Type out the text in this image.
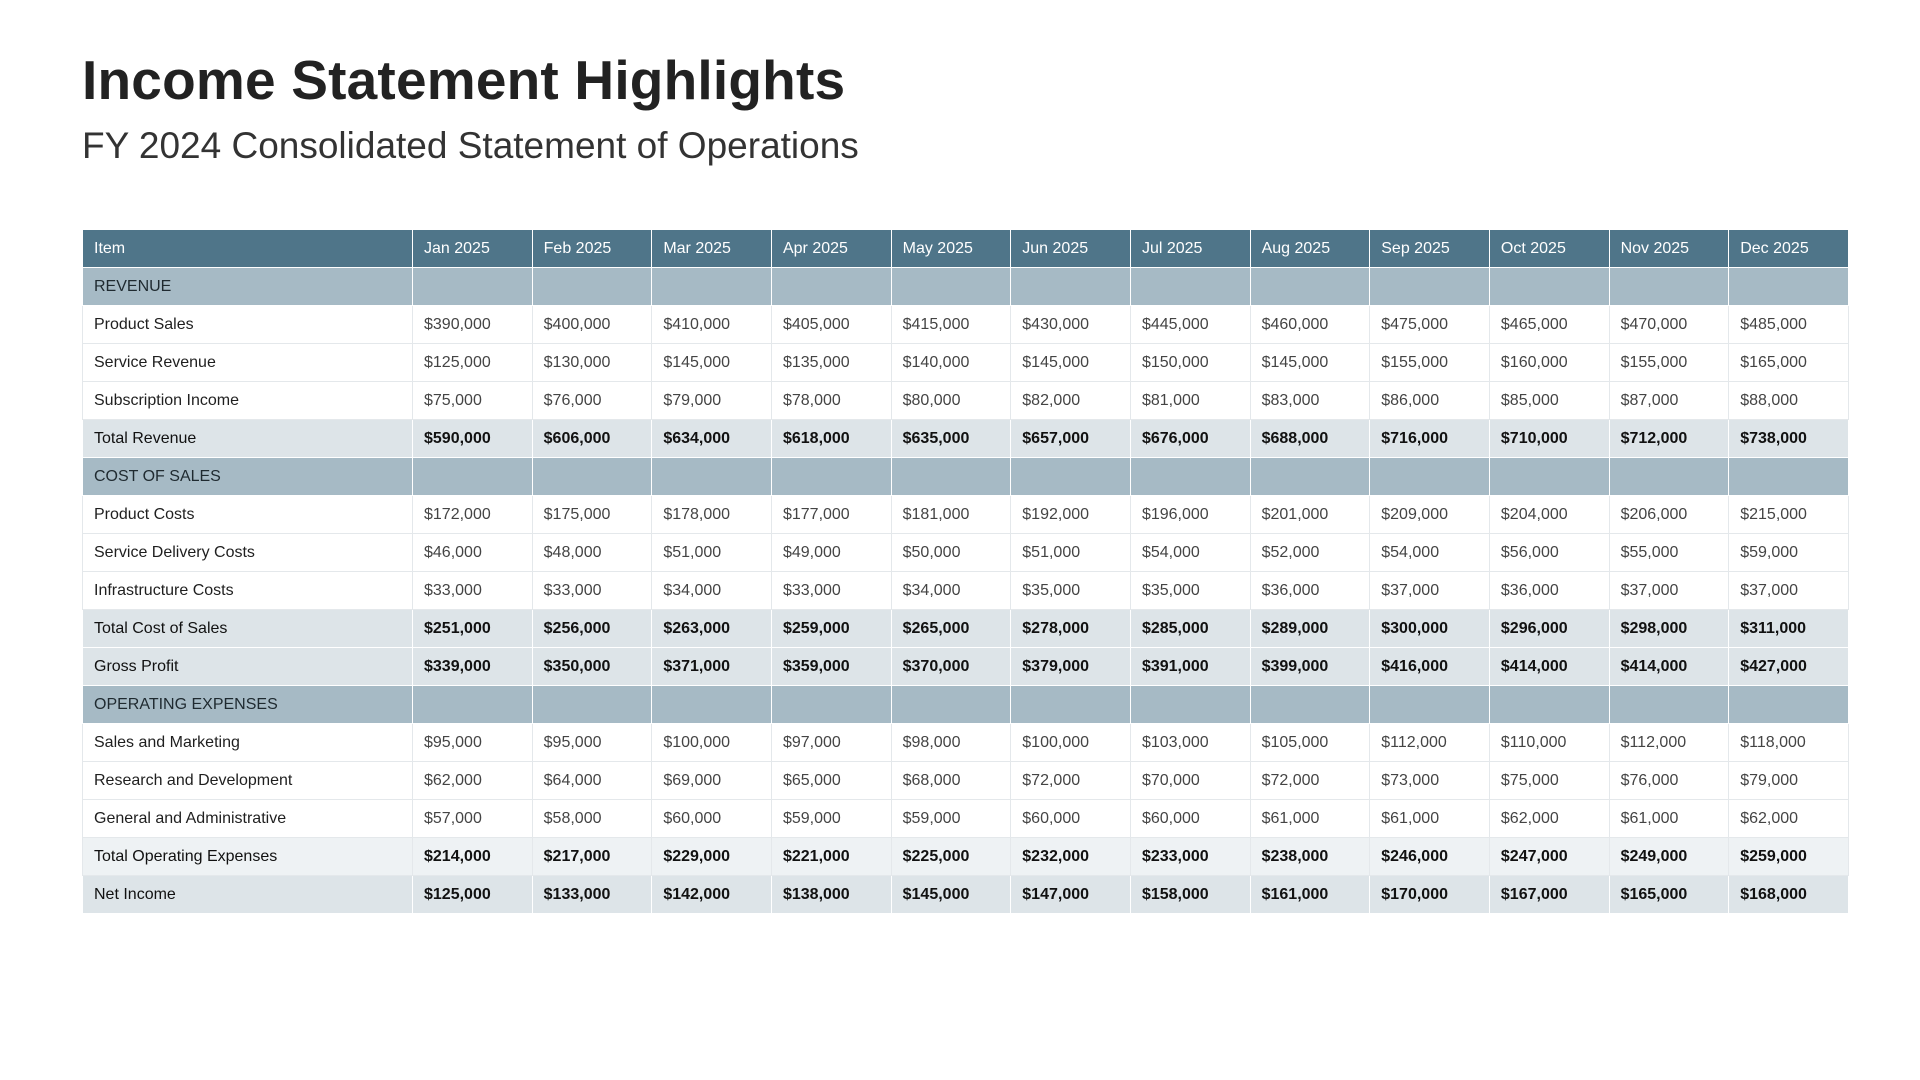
Income Statement Highlights
FY 2024 Consolidated Statement of Operations
Item	Jan 2025	Feb 2025	Mar 2025	Apr 2025	May 2025	Jun 2025	Jul 2025	Aug 2025	Sep 2025	Oct 2025	Nov 2025	Dec 2025
REVENUE												
Product Sales	$390,000	$400,000	$410,000	$405,000	$415,000	$430,000	$445,000	$460,000	$475,000	$465,000	$470,000	$485,000
Service Revenue	$125,000	$130,000	$145,000	$135,000	$140,000	$145,000	$150,000	$145,000	$155,000	$160,000	$155,000	$165,000
Subscription Income	$75,000	$76,000	$79,000	$78,000	$80,000	$82,000	$81,000	$83,000	$86,000	$85,000	$87,000	$88,000
Total Revenue	$590,000	$606,000	$634,000	$618,000	$635,000	$657,000	$676,000	$688,000	$716,000	$710,000	$712,000	$738,000
COST OF SALES												
Product Costs	$172,000	$175,000	$178,000	$177,000	$181,000	$192,000	$196,000	$201,000	$209,000	$204,000	$206,000	$215,000
Service Delivery Costs	$46,000	$48,000	$51,000	$49,000	$50,000	$51,000	$54,000	$52,000	$54,000	$56,000	$55,000	$59,000
Infrastructure Costs	$33,000	$33,000	$34,000	$33,000	$34,000	$35,000	$35,000	$36,000	$37,000	$36,000	$37,000	$37,000
Total Cost of Sales	$251,000	$256,000	$263,000	$259,000	$265,000	$278,000	$285,000	$289,000	$300,000	$296,000	$298,000	$311,000
Gross Profit	$339,000	$350,000	$371,000	$359,000	$370,000	$379,000	$391,000	$399,000	$416,000	$414,000	$414,000	$427,000
OPERATING EXPENSES												
Sales and Marketing	$95,000	$95,000	$100,000	$97,000	$98,000	$100,000	$103,000	$105,000	$112,000	$110,000	$112,000	$118,000
Research and Development	$62,000	$64,000	$69,000	$65,000	$68,000	$72,000	$70,000	$72,000	$73,000	$75,000	$76,000	$79,000
General and Administrative	$57,000	$58,000	$60,000	$59,000	$59,000	$60,000	$60,000	$61,000	$61,000	$62,000	$61,000	$62,000
Total Operating Expenses	$214,000	$217,000	$229,000	$221,000	$225,000	$232,000	$233,000	$238,000	$246,000	$247,000	$249,000	$259,000
Net Income	$125,000	$133,000	$142,000	$138,000	$145,000	$147,000	$158,000	$161,000	$170,000	$167,000	$165,000	$168,000
